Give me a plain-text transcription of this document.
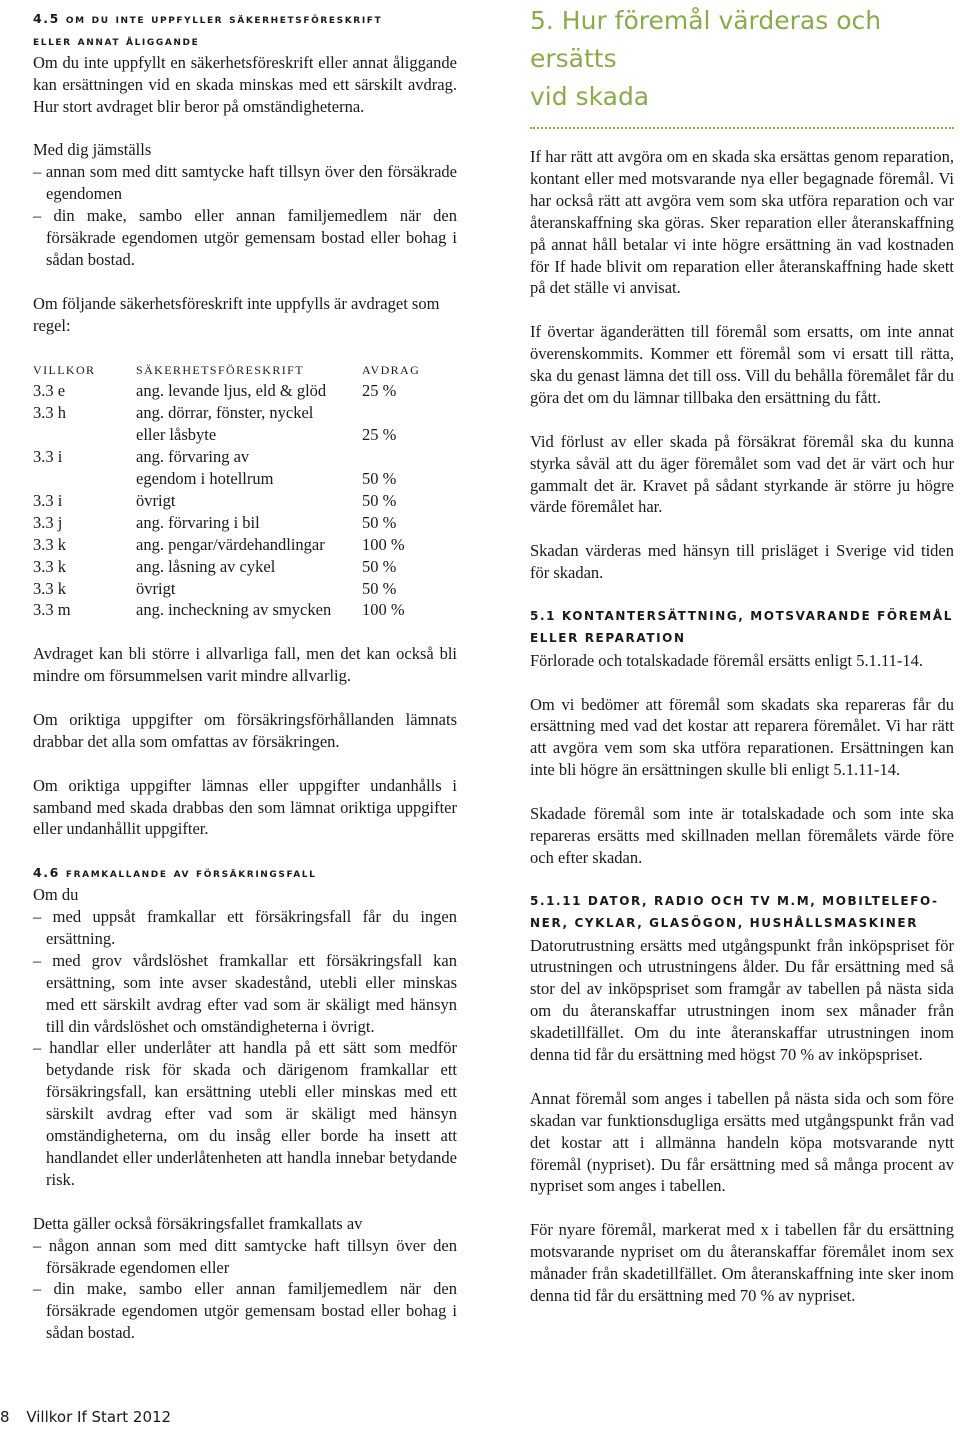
4.5 om du inte uppfyller säkerhetsföreskrift
eller annat åliggande

Om du inte uppfyllt en säkerhetsföreskrift eller annat åliggande kan ersättningen vid en skada minskas med ett särskilt avdrag. Hur stort avdraget blir beror på omständigheterna.

Med dig jämställs

– annan som med ditt samtycke haft tillsyn över den försäkrade egendomen

– din make, sambo eller annan familjemedlem när den försäkrade egendomen utgör gemensam bostad eller bohag i sådan bostad.

Om följande säkerhetsföreskrift inte uppfylls är avdraget som regel:

villkor	säkerhetsföreskrift	avdrag
3.3 e	ang. levande ljus, eld & glöd	25 %
3.3 h	ang. dörrar, fönster, nyckel
eller låsbyte	25 %
3.3 i	ang. förvaring av
egendom i hotellrum	50 %
3.3 i	övrigt	50 %
3.3 j	ang. förvaring i bil	50 %
3.3 k	ang. pengar/värdehandlingar	100 %
3.3 k	ang. låsning av cykel	50 %
3.3 k	övrigt	50 %
3.3 m	ang. incheckning av smycken	100 %

Avdraget kan bli större i allvarliga fall, men det kan också bli mindre om försummelsen varit mindre allvarlig.

Om oriktiga uppgifter om försäkringsförhållanden lämnats drabbar det alla som omfattas av försäkringen.

Om oriktiga uppgifter lämnas eller uppgifter undanhålls i samband med skada drabbas den som lämnat oriktiga uppgifter eller undanhållit uppgifter.

4.6 framkallande av försäkringsfall

Om du

– med uppsåt framkallar ett försäkringsfall får du ingen ersättning.

– med grov vårdslöshet framkallar ett försäkringsfall kan ersättning, som inte avser skadestånd, utebli eller minskas med ett särskilt avdrag efter vad som är skäligt med hänsyn till din vårdslöshet och omständigheterna i övrigt.

– handlar eller underlåter att handla på ett sätt som medför betydande risk för skada och därigenom framkallar ett försäkringsfall, kan ersättning utebli eller minskas med ett särskilt avdrag efter vad som är skäligt med hänsyn omständigheterna, om du insåg eller borde ha insett att handlandet eller underlåtenheten att handla innebar betydande risk.

Detta gäller också försäkringsfallet framkallats av

– någon annan som med ditt samtycke haft tillsyn över den försäkrade egendomen eller

– din make, sambo eller annan familjemedlem när den försäkrade egendomen utgör gemensam bostad eller bohag i sådan bostad.

5. Hur föremål värderas och ersätts
vid skada

If har rätt att avgöra om en skada ska ersättas genom reparation, kontant eller med motsvarande nya eller begagnade föremål. Vi har också rätt att avgöra vem som ska utföra reparation och var återanskaffning ska göras. Sker reparation eller återanskaffning på annat håll betalar vi inte högre ersättning än vad kostnaden för If hade blivit om reparation eller återanskaffning hade skett på det ställe vi anvisat.

If övertar äganderätten till föremål som ersatts, om inte annat överenskommits. Kommer ett föremål som vi ersatt till rätta, ska du genast lämna det till oss. Vill du behålla föremålet får du göra det om du lämnar tillbaka den ersättning du fått.

Vid förlust av eller skada på försäkrat föremål ska du kunna styrka såväl att du äger föremålet som vad det är värt och hur gammalt det är. Kravet på sådant styrkande är större ju högre värde föremålet har.

Skadan värderas med hänsyn till prisläget i Sverige vid tiden för skadan.

5.1 KONTANTERSÄTTNING, MOTSVARANDE FÖREMÅL
ELLER REPARATION

Förlorade och totalskadade föremål ersätts enligt 5.1.11-14.

Om vi bedömer att föremål som skadats ska repareras får du ersättning med vad det kostar att reparera föremålet. Vi har rätt att avgöra vem som ska utföra reparationen. Ersättningen kan inte bli högre än ersättningen skulle bli enligt 5.1.11-14.

Skadade föremål som inte är totalskadade och som inte ska repareras ersätts med skillnaden mellan föremålets värde före och efter skadan.

5.1.11 DATOR, RADIO OCH TV M.M, MOBILTELEFO-
NER, CYKLAR, GLASÖGON, HUSHÅLLSMASKINER

Datorutrustning ersätts med utgångspunkt från inköpspriset för utrustningen och utrustningens ålder. Du får ersättning med så stor del av inköpspriset som framgår av tabellen på nästa sida om du återanskaffar utrustningen inom sex månader från skadetillfället. Om du inte återanskaffar utrustningen inom denna tid får du ersättning med högst 70 % av inköpspriset.

Annat föremål som anges i tabellen på nästa sida och som före skadan var funktionsdugliga ersätts med utgångspunkt från vad det kostar att i allmänna handeln köpa motsvarande nytt föremål (nypriset). Du får ersättning med så många procent av nypriset som anges i tabellen.

För nyare föremål, markerat med x i tabellen får du ersättning motsvarande nypriset om du återanskaffar föremålet inom sex månader från skadetillfället. Om återanskaffning inte sker inom denna tid får du ersättning med 70 % av nypriset.

8 Villkor If Start 2012
